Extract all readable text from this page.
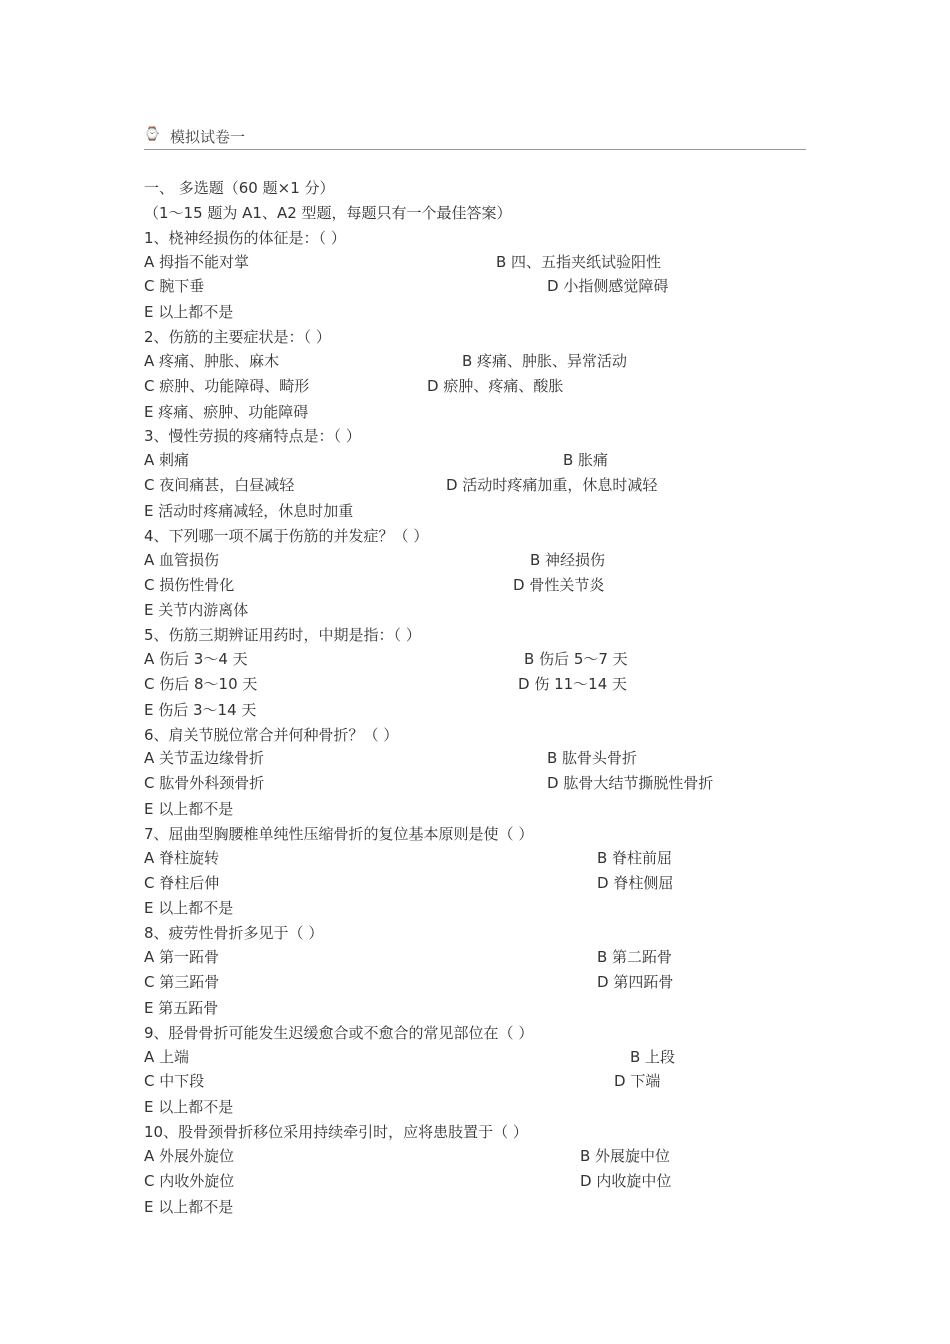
⌚ 模拟试卷一
一、 多选题（60 题×1 分）
（1～15 题为 A1、A2 型题，每题只有一个最佳答案）
1、桡神经损伤的体征是：（ ）
A 拇指不能对掌	B 四、五指夹纸试验阳性
C 腕下垂	D 小指侧感觉障碍
E 以上都不是
2、伤筋的主要症状是：（ ）
A 疼痛、肿胀、麻木	B 疼痛、肿胀、异常活动
C 瘀肿、功能障碍、畸形	D 瘀肿、疼痛、酸胀
E 疼痛、瘀肿、功能障碍
3、慢性劳损的疼痛特点是：（ ）
A 刺痛	B 胀痛
C 夜间痛甚，白昼减轻	D 活动时疼痛加重，休息时减轻
E 活动时疼痛减轻，休息时加重
4、下列哪一项不属于伤筋的并发症？（ ）
A 血管损伤	B 神经损伤
C 损伤性骨化	D 骨性关节炎
E 关节内游离体
5、伤筋三期辨证用药时，中期是指：（ ）
A 伤后 3～4 天	B 伤后 5～7 天
C 伤后 8～10 天	D 伤 11～14 天
E 伤后 3～14 天
6、肩关节脱位常合并何种骨折？（ ）
A 关节盂边缘骨折	B 肱骨头骨折
C 肱骨外科颈骨折	D 肱骨大结节撕脱性骨折
E 以上都不是
7、屈曲型胸腰椎单纯性压缩骨折的复位基本原则是使（ ）
A 脊柱旋转	B 脊柱前屈
C 脊柱后伸	D 脊柱侧屈
E 以上都不是
8、疲劳性骨折多见于（ ）
A 第一跖骨	B 第二跖骨
C 第三跖骨	D 第四跖骨
E 第五跖骨
9、胫骨骨折可能发生迟缓愈合或不愈合的常见部位在（ ）
A 上端	B 上段
C 中下段	D 下端
E 以上都不是
10、股骨颈骨折移位采用持续牵引时，应将患肢置于（ ）
A 外展外旋位	B 外展旋中位
C 内收外旋位	D 内收旋中位
E 以上都不是
